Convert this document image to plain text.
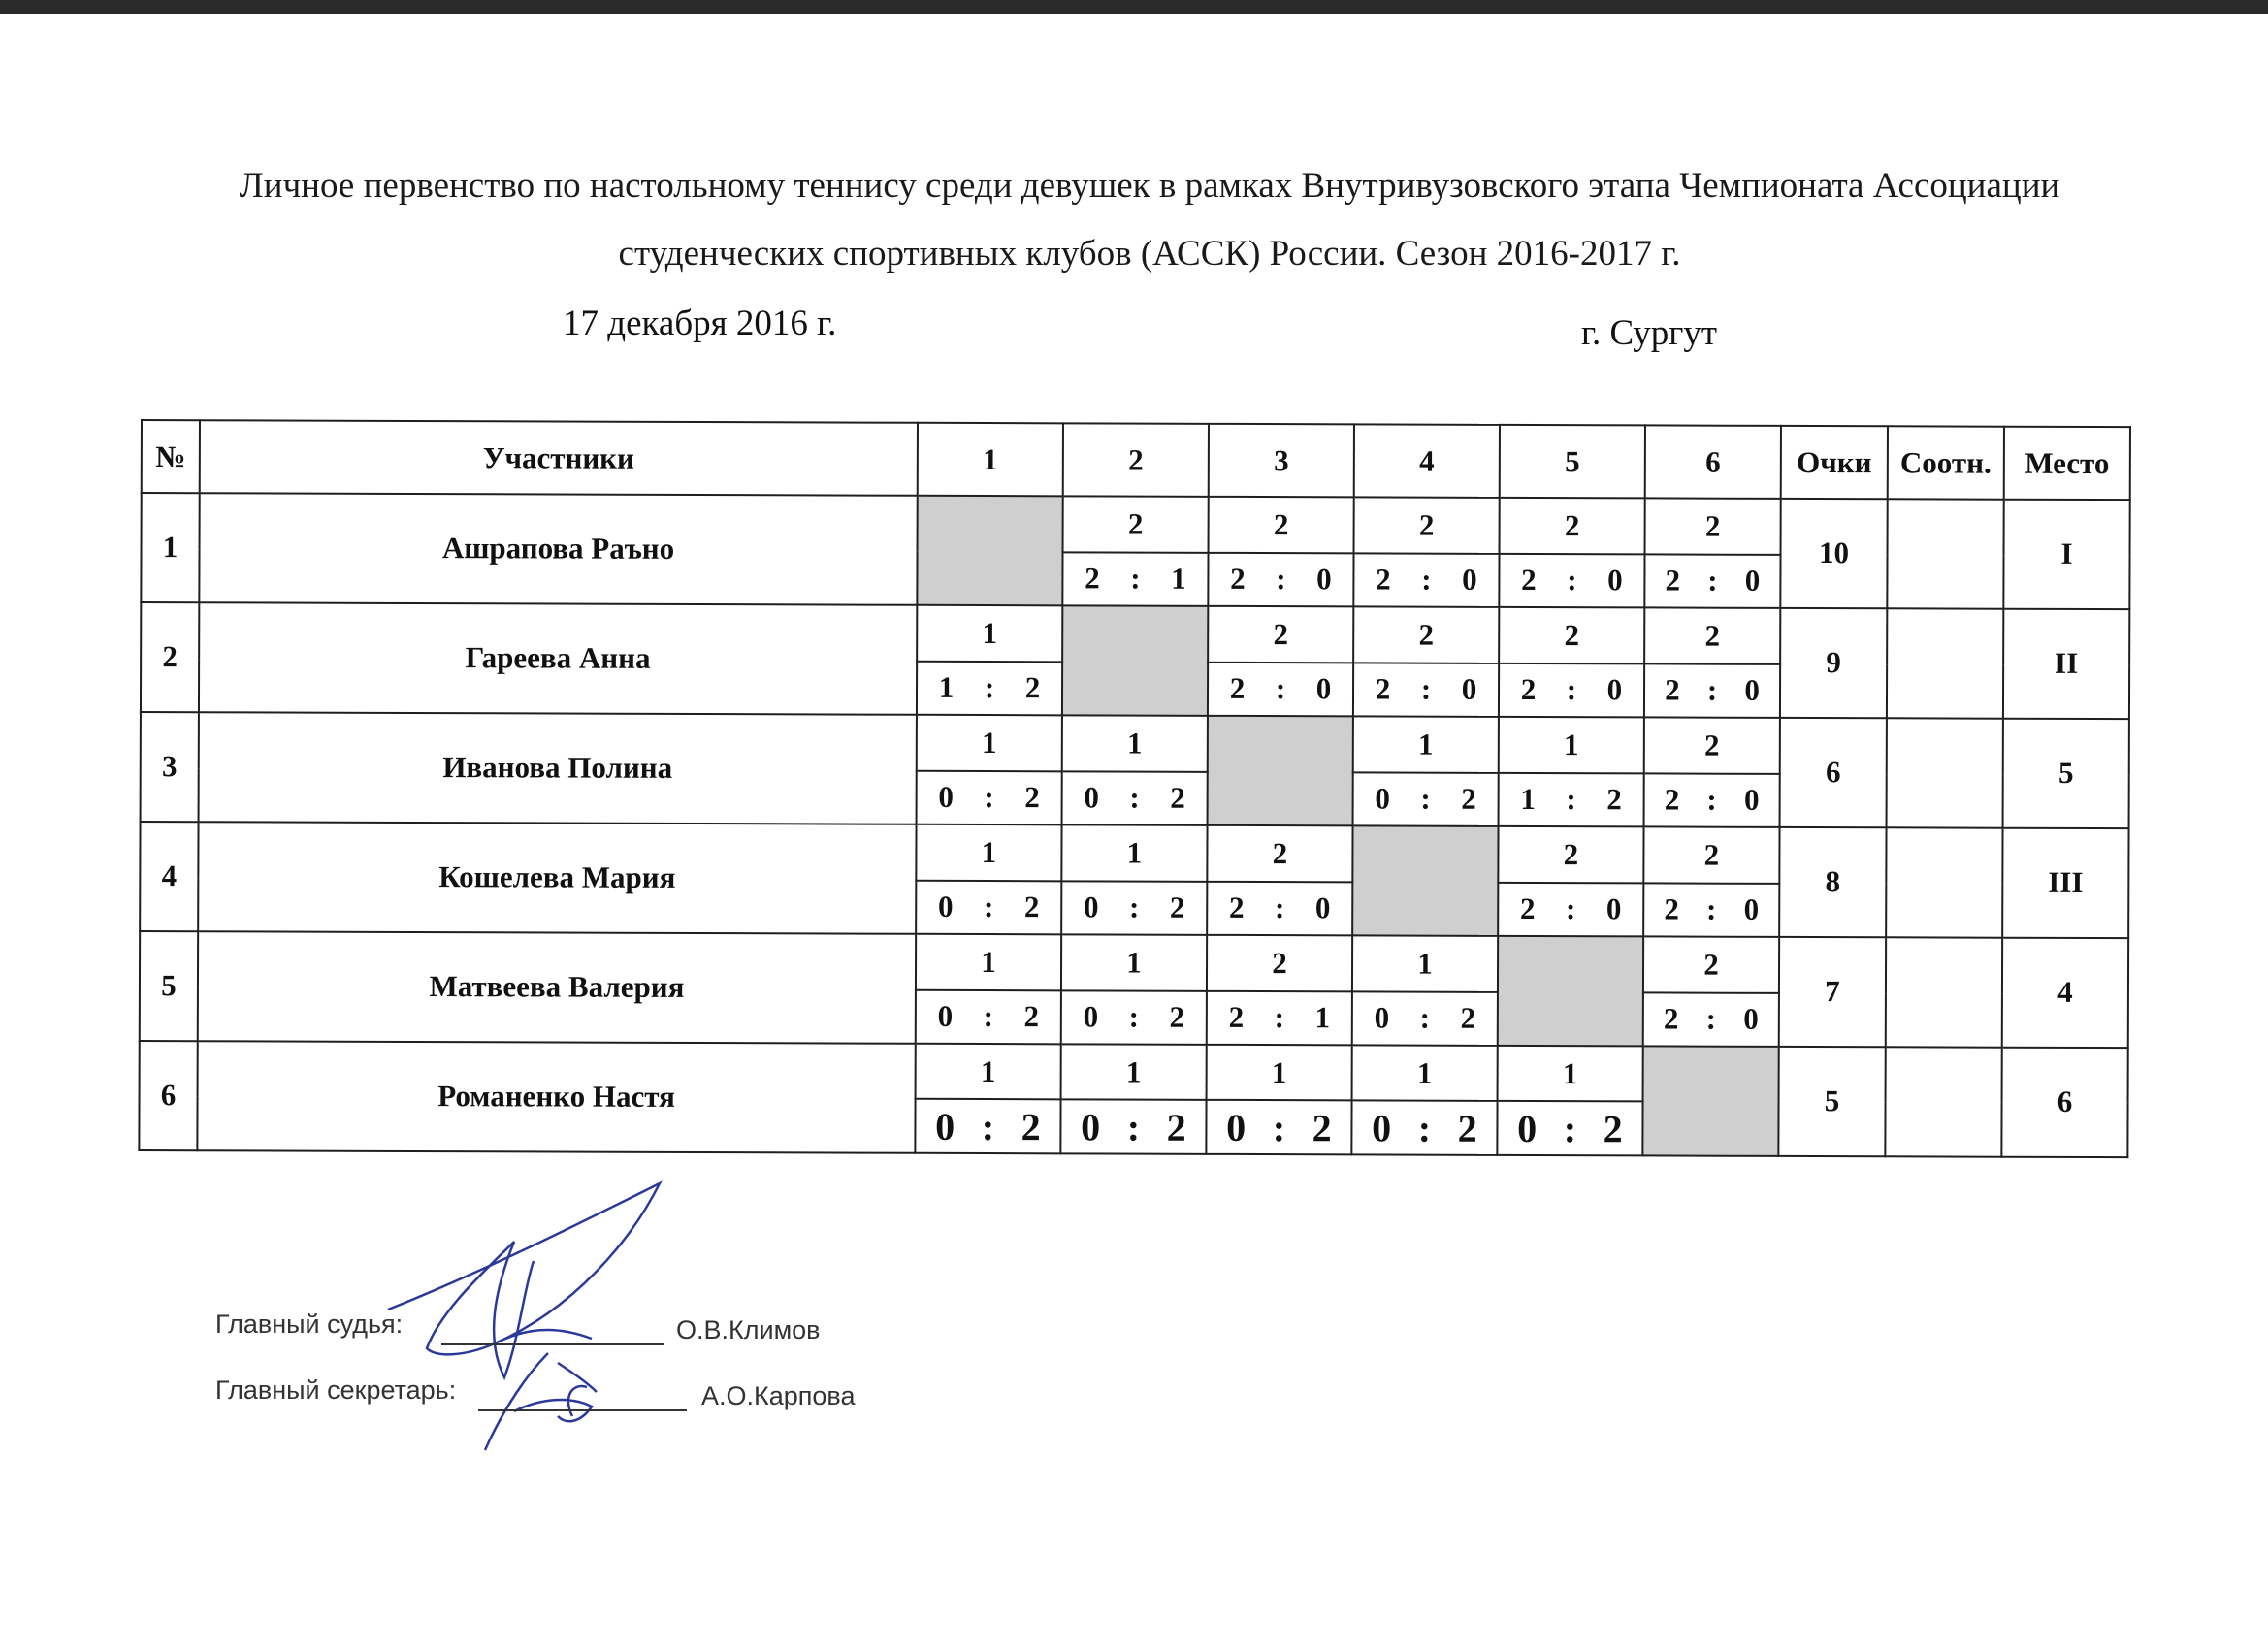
Личное первенство по настольному теннису среди девушек в рамках Внутривузовского этапа Чемпионата Ассоциации
студенческих спортивных клубов (АССК) России. Сезон 2016-2017 г.
17 декабря 2016 г.	г. Сургут
№	Участники	1	2	3	4	5	6	Очки	Соотн.	Место
1	Ашрапова Раъно		2	2	2	2	2	10		I

			2 : 1	2 : 0	2 : 0	2 : 0	2 : 0			

2	Гареева Анна	1		2	2	2	2	9		II

		1 : 2		2 : 0	2 : 0	2 : 0	2 : 0			

3	Иванова Полина	1	1		1	1	2	6		5

		0 : 2	0 : 2		0 : 2	1 : 2	2 : 0			

4	Кошелева Мария	1	1	2		2	2	8		III

		0 : 2	0 : 2	2 : 0		2 : 0	2 : 0			

5	Матвеева Валерия	1	1	2	1		2	7		4

		0 : 2	0 : 2	2 : 1	0 : 2		2 : 0			

6	Романенко Настя	1	1	1	1	1		5		6

		0 : 2	0 : 2	0 : 2	0 : 2	0 : 2				
Главный судья:	О.В.Климов
Главный секретарь:	А.О.Карпова
